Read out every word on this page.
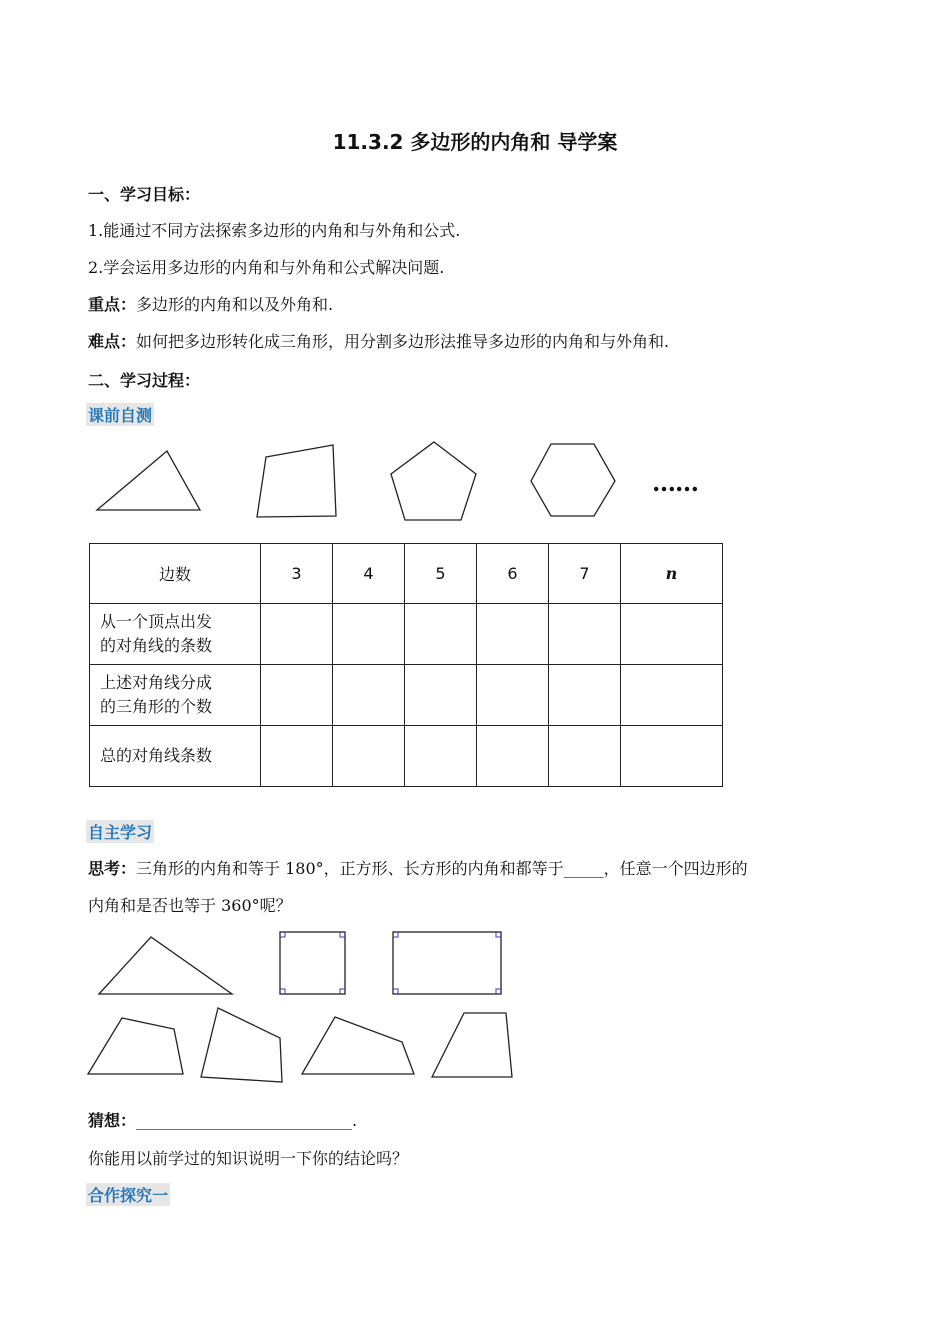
11.3.2 多边形的内角和 导学案
一、学习目标：
1.能通过不同方法探索多边形的内角和与外角和公式.
2.学会运用多边形的内角和与外角和公式解决问题.
重点：多边形的内角和以及外角和.
难点：如何把多边形转化成三角形，用分割多边形法推导多边形的内角和与外角和.
二、学习过程：
课前自测
……
边数	3	4	5	6	7	n

从一个顶点出发
的对角线的条数						

上述对角线分成
的三角形的个数						

总的对角线条数						

自主学习
思考：三角形的内角和等于 180°，正方形、长方形的内角和都等于_____，任意一个四边形的
内角和是否也等于 360°呢？
猜想：___________________________.
你能用以前学过的知识说明一下你的结论吗？
合作探究一
